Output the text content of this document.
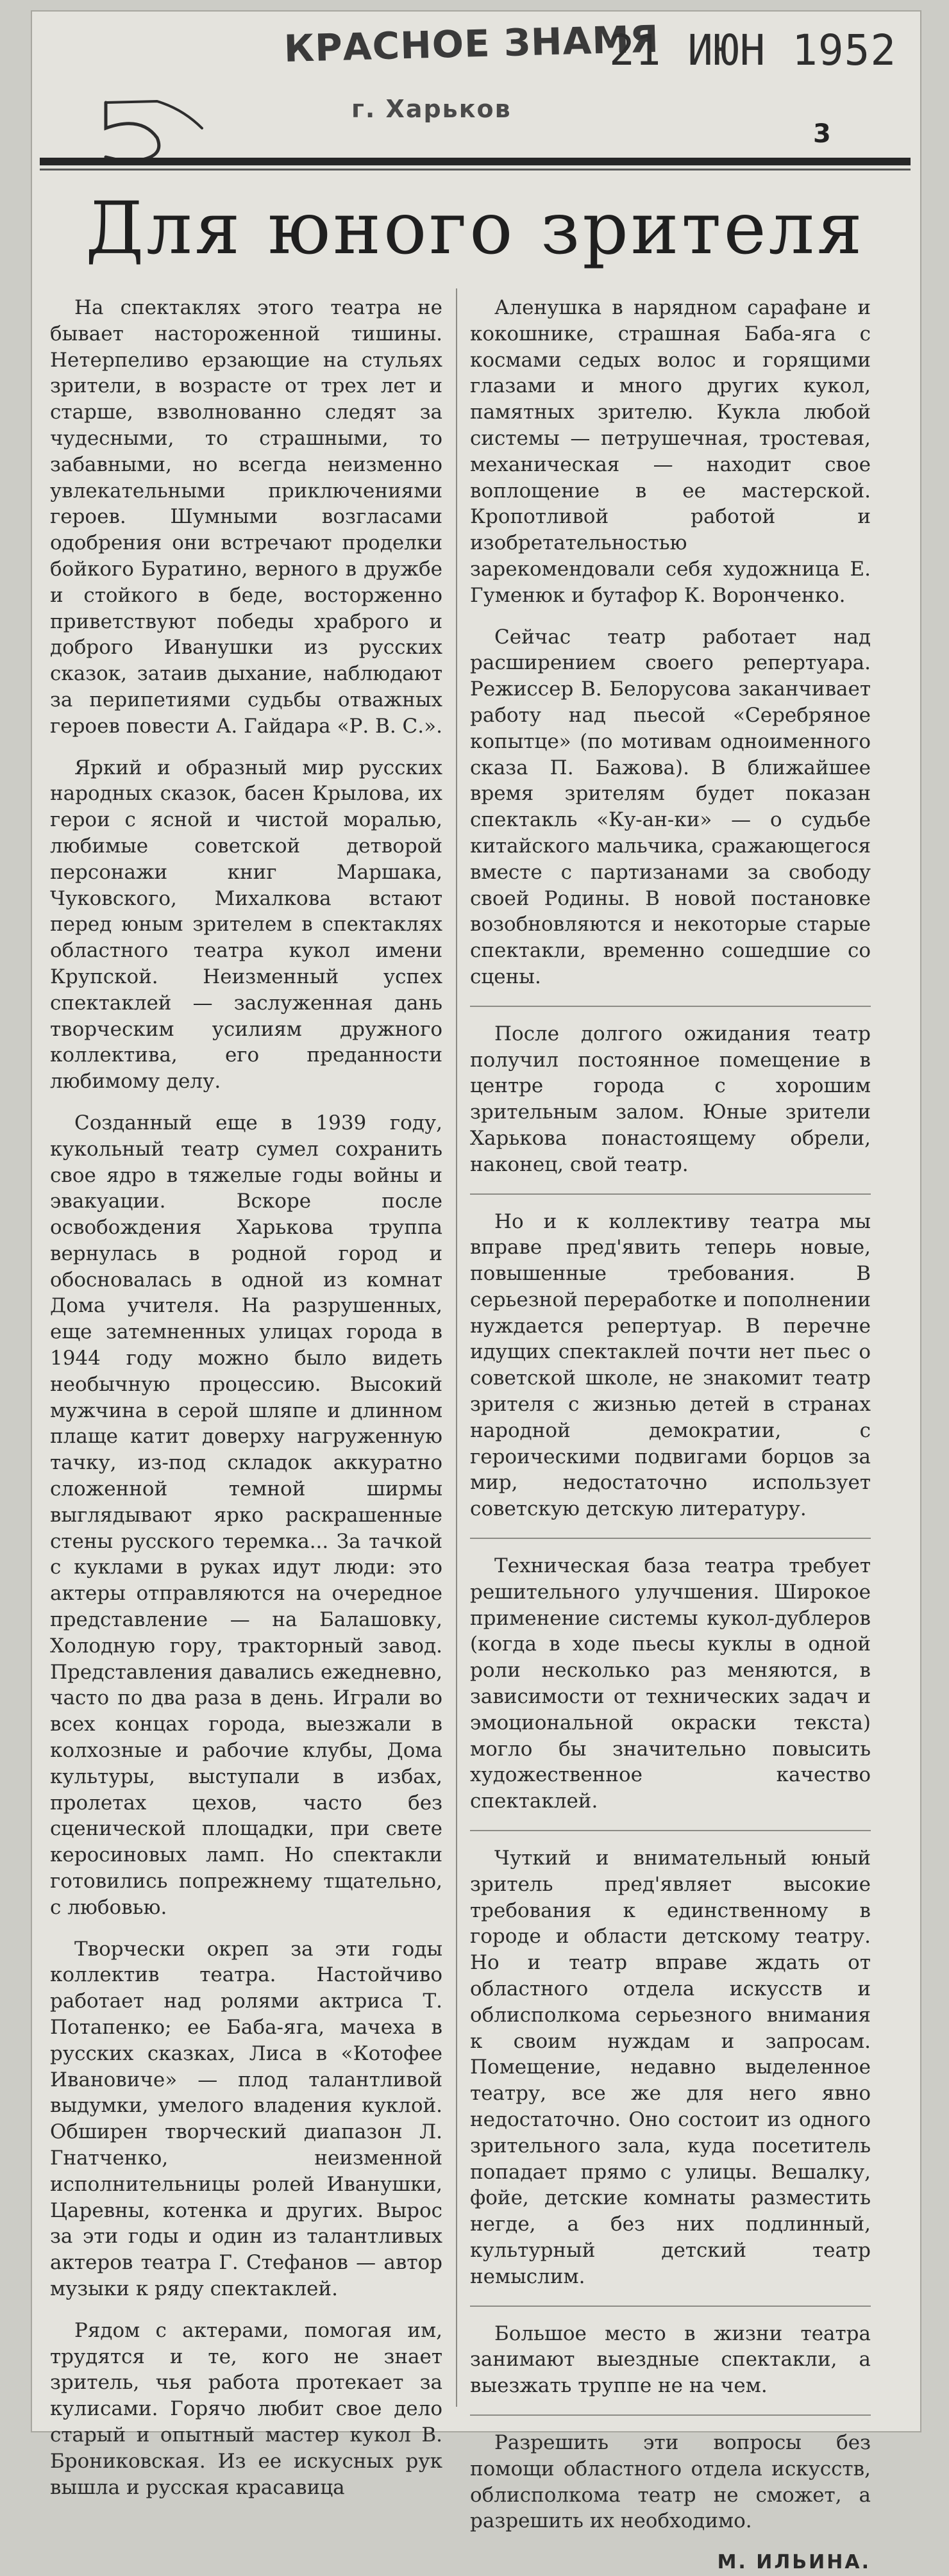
КРАСНОЕ ЗНАМЯ
г. Харьков
21 ИЮН 1952
3
Для юного зрителя

На спектаклях этого театра не бывает настороженной тишины. Нетерпеливо ерзающие на стульях зрители, в возрасте от трех лет и старше, взволнованно следят за чудесными, то страшными, то забавными, но всегда неизменно увлекательными приключениями героев. Шумными возгласами одобрения они встречают проделки бойкого Буратино, верного в дружбе и стойкого в беде, восторженно приветствуют победы храброго и доброго Иванушки из русских сказок, затаив дыхание, наблюдают за перипетиями судьбы отважных героев повести А. Гайдара «Р. В. С.».

Яркий и образный мир русских народных сказок, басен Крылова, их герои с ясной и чистой моралью, любимые советской детворой персонажи книг Маршака, Чуковского, Михалкова встают перед юным зрителем в спектаклях областного театра кукол имени Крупской. Неизменный успех спектаклей — заслуженная дань творческим усилиям дружного коллектива, его преданности любимому делу.

Созданный еще в 1939 году, кукольный театр сумел сохранить свое ядро в тяжелые годы войны и эвакуации. Вскоре после освобождения Харькова труппа вернулась в родной город и обосновалась в одной из комнат Дома учителя. На разрушенных, еще затемненных улицах города в 1944 году можно было видеть необычную процессию. Высокий мужчина в серой шляпе и длинном плаще катит доверху нагруженную тачку, из-под складок аккуратно сложенной темной ширмы выглядывают ярко раскрашенные стены русского теремка... За тачкой с куклами в руках идут люди: это актеры отправляются на очередное представление — на Балашовку, Холодную гору, тракторный завод. Представления давались ежедневно, часто по два раза в день. Играли во всех концах города, выезжали в колхозные и рабочие клубы, Дома культуры, выступали в избах, пролетах цехов, часто без сценической площадки, при свете керосиновых ламп. Но спектакли готовились попрежнему тщательно, с любовью.

Творчески окреп за эти годы коллектив театра. Настойчиво работает над ролями актриса Т. Потапенко; ее Баба-яга, мачеха в русских сказках, Лиса в «Котофее Ивановиче» — плод талантливой выдумки, умелого владения куклой. Обширен творческий диапазон Л. Гнатченко, неизменной исполнительницы ролей Иванушки, Царевны, котенка и других. Вырос за эти годы и один из талантливых актеров театра Г. Стефанов — автор музыки к ряду спектаклей.

Рядом с актерами, помогая им, трудятся и те, кого не знает зритель, чья работа протекает за кулисами. Горячо любит свое дело старый и опытный мастер кукол В. Брониковская. Из ее искусных рук вышла и русская красавица

Аленушка в нарядном сарафане и кокошнике, страшная Баба-яга с космами седых волос и горящими глазами и много других кукол, памятных зрителю. Кукла любой системы — петрушечная, тростевая, механическая — находит свое воплощение в ее мастерской. Кропотливой работой и изобретательностью зарекомендовали себя художница Е. Гуменюк и бутафор К. Воронченко.

Сейчас театр работает над расширением своего репертуара. Режиссер В. Белорусова заканчивает работу над пьесой «Серебряное копытце» (по мотивам одноименного сказа П. Бажова). В ближайшее время зрителям будет показан спектакль «Ку-ан-ки» — о судьбе китайского мальчика, сражающегося вместе с партизанами за свободу своей Родины. В новой постановке возобновляются и некоторые старые спектакли, временно сошедшие со сцены.

После долгого ожидания театр получил постоянное помещение в центре города с хорошим зрительным залом. Юные зрители Харькова понастоящему обрели, наконец, свой театр.

Но и к коллективу театра мы вправе пред'явить теперь новые, повышенные требования. В серьезной переработке и пополнении нуждается репертуар. В перечне идущих спектаклей почти нет пьес о советской школе, не знакомит театр зрителя с жизнью детей в странах народной демократии, с героическими подвигами борцов за мир, недостаточно использует советскую детскую литературу.

Техническая база театра требует решительного улучшения. Широкое применение системы кукол-дублеров (когда в ходе пьесы куклы в одной роли несколько раз меняются, в зависимости от технических задач и эмоциональной окраски текста) могло бы значительно повысить художественное качество спектаклей.

Чуткий и внимательный юный зритель пред'являет высокие требования к единственному в городе и области детскому театру. Но и театр вправе ждать от областного отдела искусств и облисполкома серьезного внимания к своим нуждам и запросам. Помещение, недавно выделенное театру, все же для него явно недостаточно. Оно состоит из одного зрительного зала, куда посетитель попадает прямо с улицы. Вешалку, фойе, детские комнаты разместить негде, а без них подлинный, культурный детский театр немыслим.

Большое место в жизни театра занимают выездные спектакли, а выезжать труппе не на чем.

Разрешить эти вопросы без помощи областного отдела искусств, облисполкома театр не сможет, а разрешить их необходимо.

М. ИЛЬИНА.
